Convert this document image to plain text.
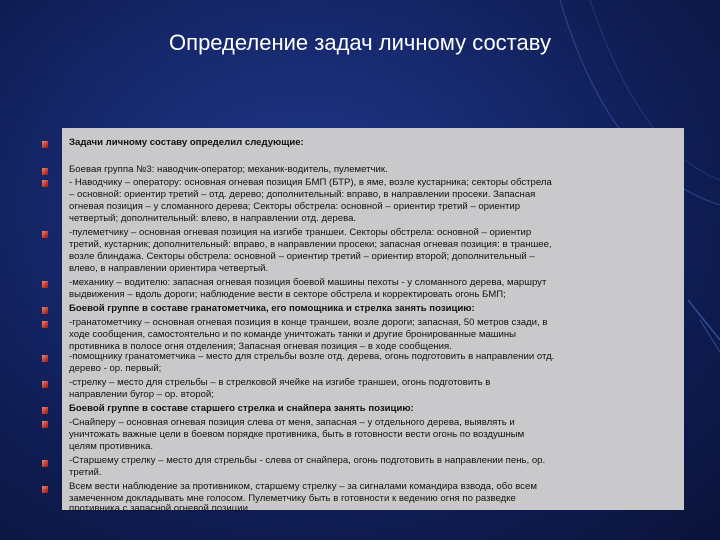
Определение задач личному составу
Задачи личному составу определил следующие:
Боевая группа №3: наводчик-оператор; механик-водитель, пулеметчик.
- Наводчику – оператору: основная огневая позиция БМП (БТР), в яме, возле кустарника; секторы обстрела
– основной: ориентир третий – отд. дерево; дополнительный: вправо, в направлении просеки. Запасная
огневая позиция – у сломанного дерева; Секторы обстрела: основной – ориентир третий – ориентир
четвертый; дополнительный: влево, в направлении отд. дерева.
-пулеметчику – основная огневая позиция на изгибе траншеи. Секторы обстрела: основной – ориентир
третий, кустарник; дополнительный: вправо, в направлении просеки; запасная огневая позиция: в траншее,
возле блиндажа. Секторы обстрела: основной – ориентир третий – ориентир второй; дополнительный –
влево, в направлении ориентира четвертый.
-механику – водителю: запасная огневая позиция боевой машины пехоты - у сломанного дерева, маршрут
выдвижения – вдоль дороги; наблюдение вести в секторе обстрела и корректировать огонь БМП;
Боевой группе в составе гранатометчика, его помощника и стрелка занять позицию:
-гранатометчику – основная огневая позиция в конце траншеи, возле дороги; запасная, 50 метров сзади, в
ходе сообщения, самостоятельно и по команде уничтожать танки и другие бронированные машины
противника в полосе огня отделения; Запасная огневая позиция – в ходе сообщения.
-помощнику гранатометчика – место для стрельбы возле отд. дерева, огонь подготовить в направлении отд.
дерево - ор. первый;
-стрелку – место для стрельбы – в стрелковой ячейке на изгибе траншеи, огонь подготовить в
направлении бугор – ор. второй;
Боевой группе в составе старшего стрелка и снайпера занять позицию:
-Снайперу – основная огневая позиция слева от меня, запасная – у отдельного дерева, выявлять и
уничтожать важные цели в боевом порядке противника, быть в готовности вести огонь по воздушным
целям противника.
-Старшему стрелку – место для стрельбы - слева от снайпера, огонь подготовить в направлении пень, ор.
третий.
Всем вести наблюдение за противником, старшему стрелку – за сигналами командира взвода, обо всем
замеченном докладывать мне голосом. Пулеметчику быть в готовности к ведению огня по разведке
противника с запасной огневой позиции.
